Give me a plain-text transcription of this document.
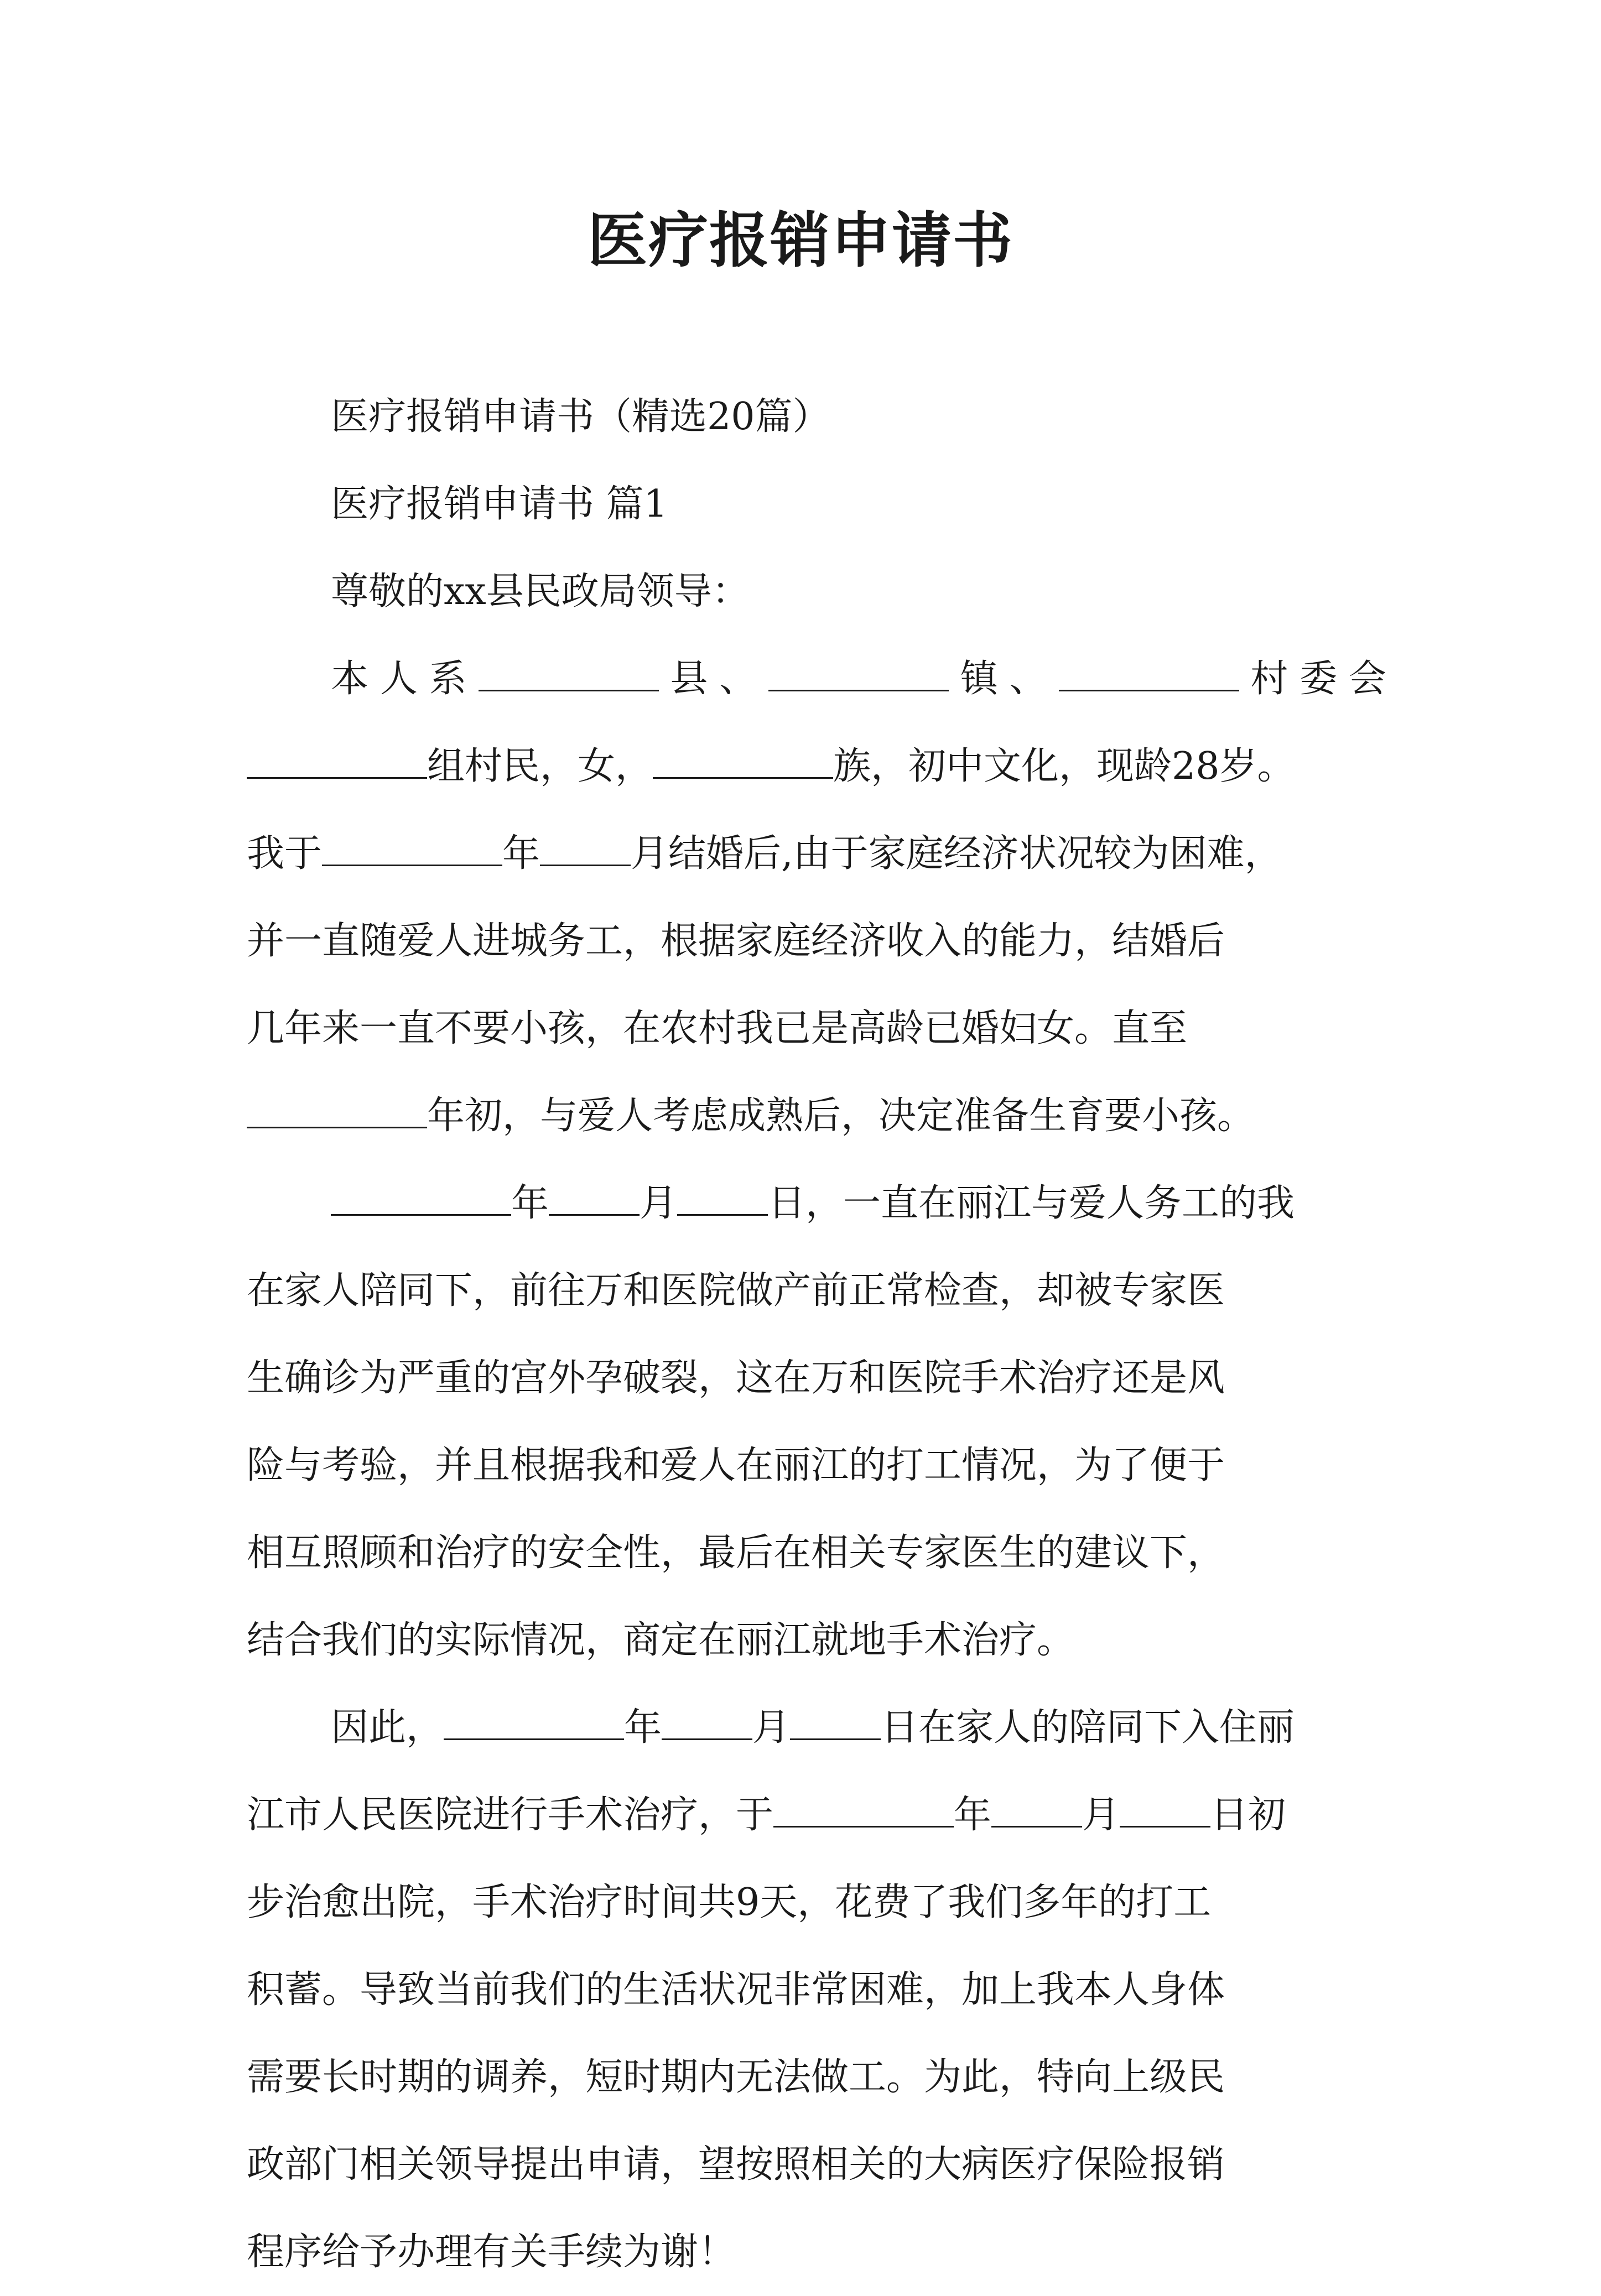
医疗报销申请书
医疗报销申请书（精选20篇）
医疗报销申请书 篇1
尊敬的xx县民政局领导：
本人系	县、	镇、	村委会
组村民，女，	族，初中文化，现龄28岁。
我于	年 月结婚后,由于家庭经济状况较为困难，
并一直随爱人进城务工，根据家庭经济收入的能力，结婚后
几年来一直不要小孩，在农村我已是高龄已婚妇女。直至
年初，与爱人考虑成熟后，决定准备生育要小孩。
年 月 日，一直在丽江与爱人务工的我
在家人陪同下，前往万和医院做产前正常检查，却被专家医
生确诊为严重的宫外孕破裂，这在万和医院手术治疗还是风
险与考验，并且根据我和爱人在丽江的打工情况，为了便于
相互照顾和治疗的安全性，最后在相关专家医生的建议下，
结合我们的实际情况，商定在丽江就地手术治疗。
因此，	年 月 日在家人的陪同下入住丽
江市人民医院进行手术治疗，于	年 月 日初
步治愈出院，手术治疗时间共9天，花费了我们多年的打工
积蓄。导致当前我们的生活状况非常困难，加上我本人身体
需要长时期的调养，短时期内无法做工。为此，特向上级民
政部门相关领导提出申请，望按照相关的大病医疗保险报销
程序给予办理有关手续为谢！
